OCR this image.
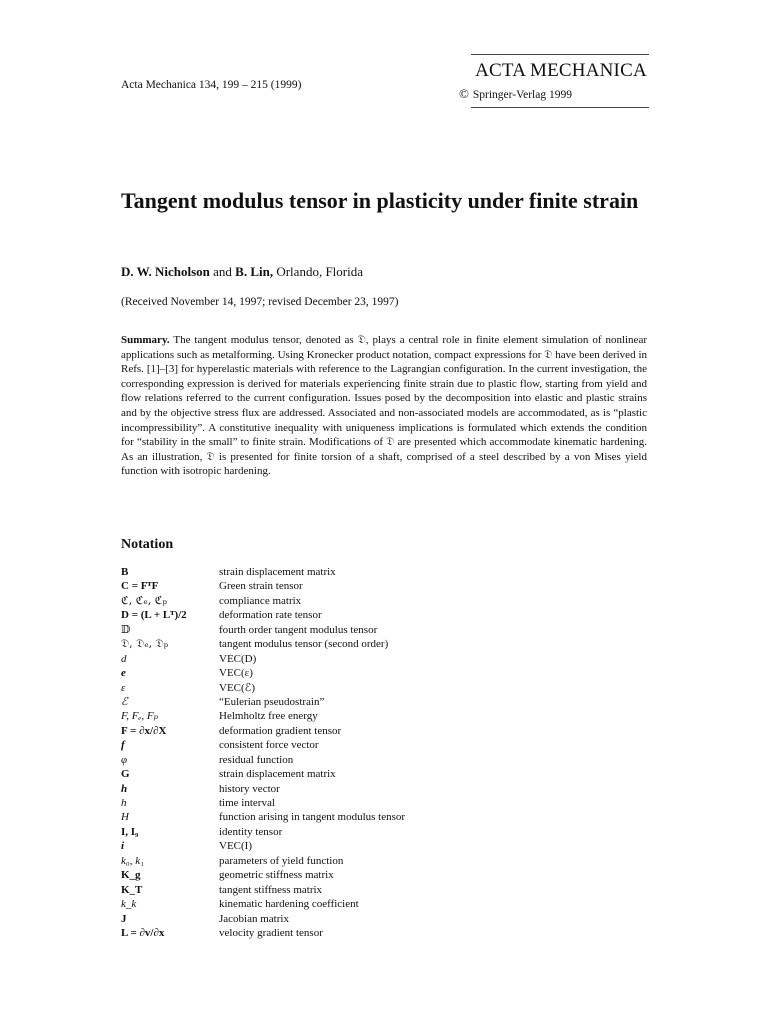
Acta Mechanica 134, 199 – 215 (1999)
ACTA MECHANICA
© Springer-Verlag 1999
Tangent modulus tensor in plasticity under finite strain
D. W. Nicholson and B. Lin, Orlando, Florida
(Received November 14, 1997; revised December 23, 1997)
Summary. The tangent modulus tensor, denoted as 𝔇, plays a central role in finite element simulation of nonlinear applications such as metalforming. Using Kronecker product notation, compact expressions for 𝔇 have been derived in Refs. [1]–[3] for hyperelastic materials with reference to the Lagrangian configuration. In the current investigation, the corresponding expression is derived for materials experiencing finite strain due to plastic flow, starting from yield and flow relations referred to the current configuration. Issues posed by the decomposition into elastic and plastic strains and by the objective stress flux are addressed. Associated and non-associated models are accommodated, as is “plastic incompressibility”. A constitutive inequality with uniqueness implications is formulated which extends the condition for “stability in the small” to finite strain. Modifications of 𝔇 are presented which accommodate kinematic hardening. As an illustration, 𝔇 is presented for finite torsion of a shaft, comprised of a steel described by a von Mises yield function with isotropic hardening.
Notation
B	strain displacement matrix
C = FᵀF	Green strain tensor
ℭ, ℭₑ, ℭₚ	compliance matrix
D = (L + Lᵀ)/2	deformation rate tensor
𝔻	fourth order tangent modulus tensor
𝔇, 𝔇ₑ, 𝔇ₚ	tangent modulus tensor (second order)
d	VEC(D)
e	VEC(ε)
ε	VEC(ℰ)
ℰ	“Eulerian pseudostrain”
F, Fₑ, Fₚ	Helmholtz free energy
F = ∂x/∂X	deformation gradient tensor
f	consistent force vector
φ	residual function
G	strain displacement matrix
h	history vector
h	time interval
H	function arising in tangent modulus tensor
I, I₉	identity tensor
i	VEC(I)
k₀, k₁	parameters of yield function
K_g	geometric stiffness matrix
K_T	tangent stiffness matrix
k_k	kinematic hardening coefficient
J	Jacobian matrix
L = ∂v/∂x	velocity gradient tensor
